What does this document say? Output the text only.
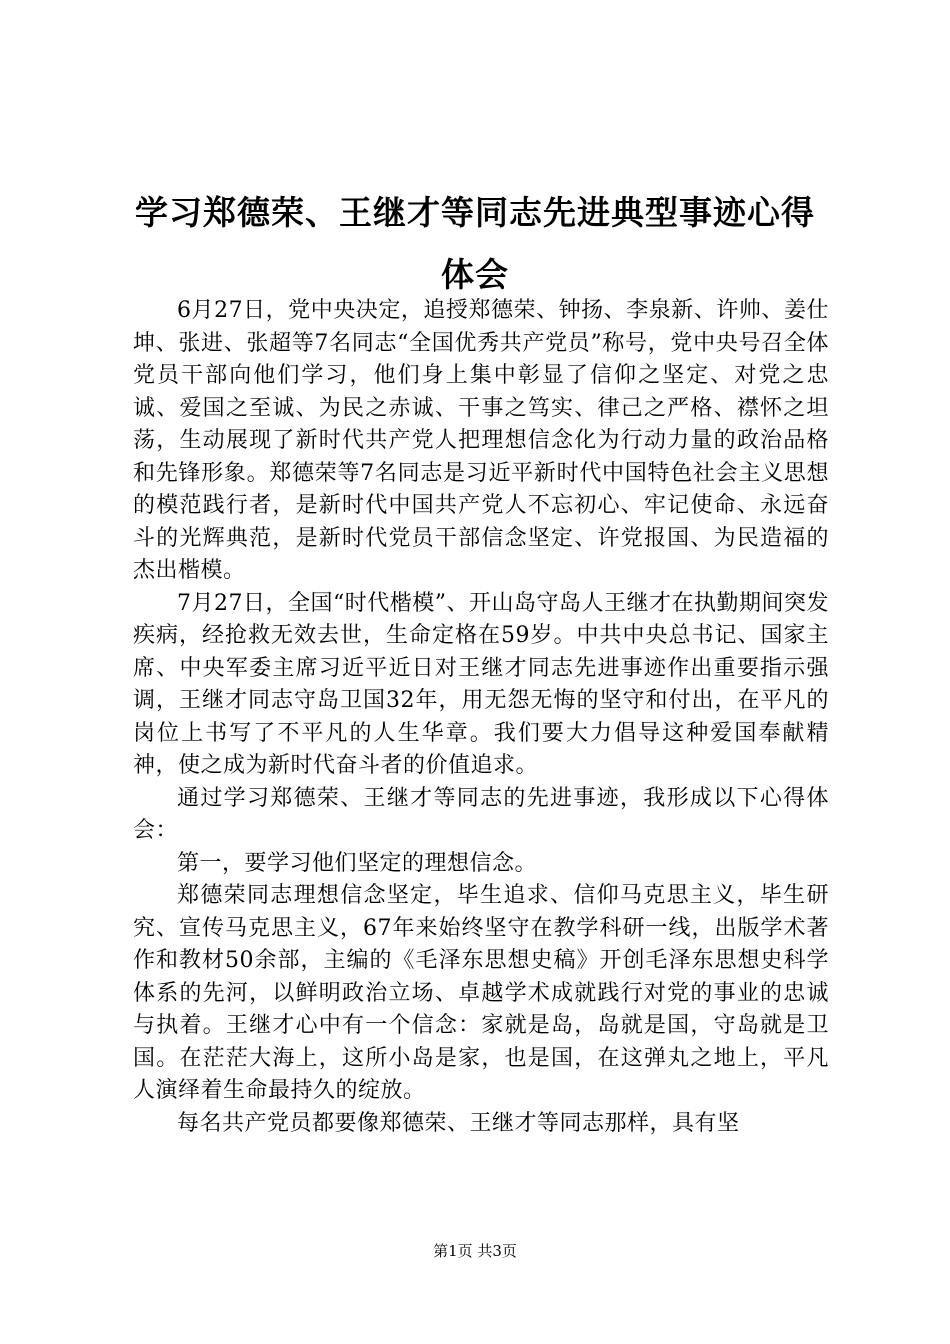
学习郑德荣、王继才等同志先进典型事迹心得体会

6月27日，党中央决定，追授郑德荣、钟扬、李泉新、许帅、姜仕坤、张进、张超等7名同志“全国优秀共产党员”称号，党中央号召全体党员干部向他们学习，他们身上集中彰显了信仰之坚定、对党之忠诚、爱国之至诚、为民之赤诚、干事之笃实、律己之严格、襟怀之坦荡，生动展现了新时代共产党人把理想信念化为行动力量的政治品格和先锋形象。郑德荣等7名同志是习近平新时代中国特色社会主义思想的模范践行者，是新时代中国共产党人不忘初心、牢记使命、永远奋斗的光辉典范，是新时代党员干部信念坚定、许党报国、为民造福的杰出楷模。

7月27日，全国“时代楷模”、开山岛守岛人王继才在执勤期间突发疾病，经抢救无效去世，生命定格在59岁。中共中央总书记、国家主席、中央军委主席习近平近日对王继才同志先进事迹作出重要指示强调，王继才同志守岛卫国32年，用无怨无悔的坚守和付出，在平凡的岗位上书写了不平凡的人生华章。我们要大力倡导这种爱国奉献精神，使之成为新时代奋斗者的价值追求。

通过学习郑德荣、王继才等同志的先进事迹，我形成以下心得体会：

第一，要学习他们坚定的理想信念。

郑德荣同志理想信念坚定，毕生追求、信仰马克思主义，毕生研究、宣传马克思主义，67年来始终坚守在教学科研一线，出版学术著作和教材50余部，主编的《毛泽东思想史稿》开创毛泽东思想史科学体系的先河，以鲜明政治立场、卓越学术成就践行对党的事业的忠诚与执着。王继才心中有一个信念：家就是岛，岛就是国，守岛就是卫国。在茫茫大海上，这所小岛是家，也是国，在这弹丸之地上，平凡人演绎着生命最持久的绽放。

每名共产党员都要像郑德荣、王继才等同志那样，具有坚

第1页 共3页
